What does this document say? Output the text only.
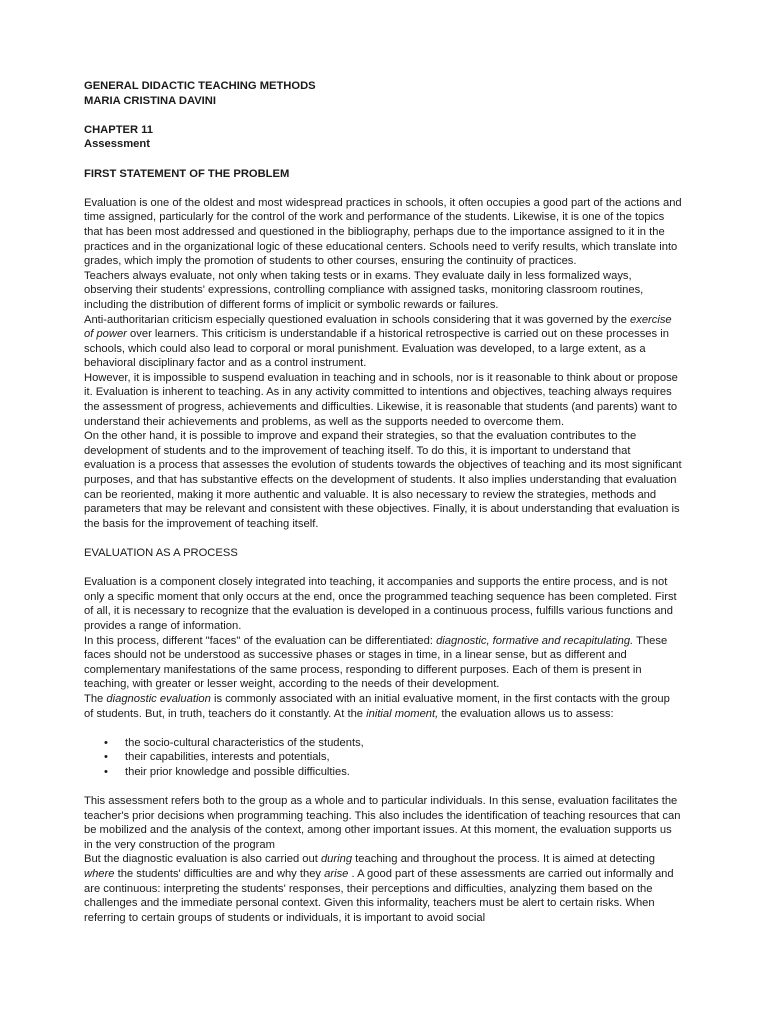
GENERAL DIDACTIC TEACHING METHODS
MARIA CRISTINA DAVINI
CHAPTER 11
Assessment
FIRST STATEMENT OF THE PROBLEM

Evaluation is one of the oldest and most widespread practices in schools, it often occupies a good part of the actions and time assigned, particularly for the control of the work and performance of the students. Likewise, it is one of the topics that has been most addressed and questioned in the bibliography, perhaps due to the importance assigned to it in the practices and in the organizational logic of these educational centers. Schools need to verify results, which translate into grades, which imply the promotion of students to other courses, ensuring the continuity of practices.

Teachers always evaluate, not only when taking tests or in exams. They evaluate daily in less formalized ways, observing their students' expressions, controlling compliance with assigned tasks, monitoring classroom routines, including the distribution of different forms of implicit or symbolic rewards or failures.

Anti-authoritarian criticism especially questioned evaluation in schools considering that it was governed by the exercise of power over learners. This criticism is understandable if a historical retrospective is carried out on these processes in schools, which could also lead to corporal or moral punishment. Evaluation was developed, to a large extent, as a behavioral disciplinary factor and as a control instrument.

However, it is impossible to suspend evaluation in teaching and in schools, nor is it reasonable to think about or propose it. Evaluation is inherent to teaching. As in any activity committed to intentions and objectives, teaching always requires the assessment of progress, achievements and difficulties. Likewise, it is reasonable that students (and parents) want to understand their achievements and problems, as well as the supports needed to overcome them.

On the other hand, it is possible to improve and expand their strategies, so that the evaluation contributes to the development of students and to the improvement of teaching itself. To do this, it is important to understand that evaluation is a process that assesses the evolution of students towards the objectives of teaching and its most significant purposes, and that has substantive effects on the development of students. It also implies understanding that evaluation can be reoriented, making it more authentic and valuable. It is also necessary to review the strategies, methods and parameters that may be relevant and consistent with these objectives. Finally, it is about understanding that evaluation is the basis for the improvement of teaching itself.

EVALUATION AS A PROCESS

Evaluation is a component closely integrated into teaching, it accompanies and supports the entire process, and is not only a specific moment that only occurs at the end, once the programmed teaching sequence has been completed. First of all, it is necessary to recognize that the evaluation is developed in a continuous process, fulfills various functions and provides a range of information.

In this process, different "faces" of the evaluation can be differentiated: diagnostic, formative and recapitulating. These faces should not be understood as successive phases or stages in time, in a linear sense, but as different and complementary manifestations of the same process, responding to different purposes. Each of them is present in teaching, with greater or lesser weight, according to the needs of their development.

The diagnostic evaluation is commonly associated with an initial evaluative moment, in the first contacts with the group of students. But, in truth, teachers do it constantly. At the initial moment, the evaluation allows us to assess:

• the socio-cultural characteristics of the students,
• their capabilities, interests and potentials,
• their prior knowledge and possible difficulties.

This assessment refers both to the group as a whole and to particular individuals. In this sense, evaluation facilitates the teacher's prior decisions when programming teaching. This also includes the identification of teaching resources that can be mobilized and the analysis of the context, among other important issues. At this moment, the evaluation supports us in the very construction of the program

But the diagnostic evaluation is also carried out during teaching and throughout the process. It is aimed at detecting where the students' difficulties are and why they arise . A good part of these assessments are carried out informally and are continuous: interpreting the students' responses, their perceptions and difficulties, analyzing them based on the challenges and the immediate personal context. Given this informality, teachers must be alert to certain risks. When referring to certain groups of students or individuals, it is important to avoid social
